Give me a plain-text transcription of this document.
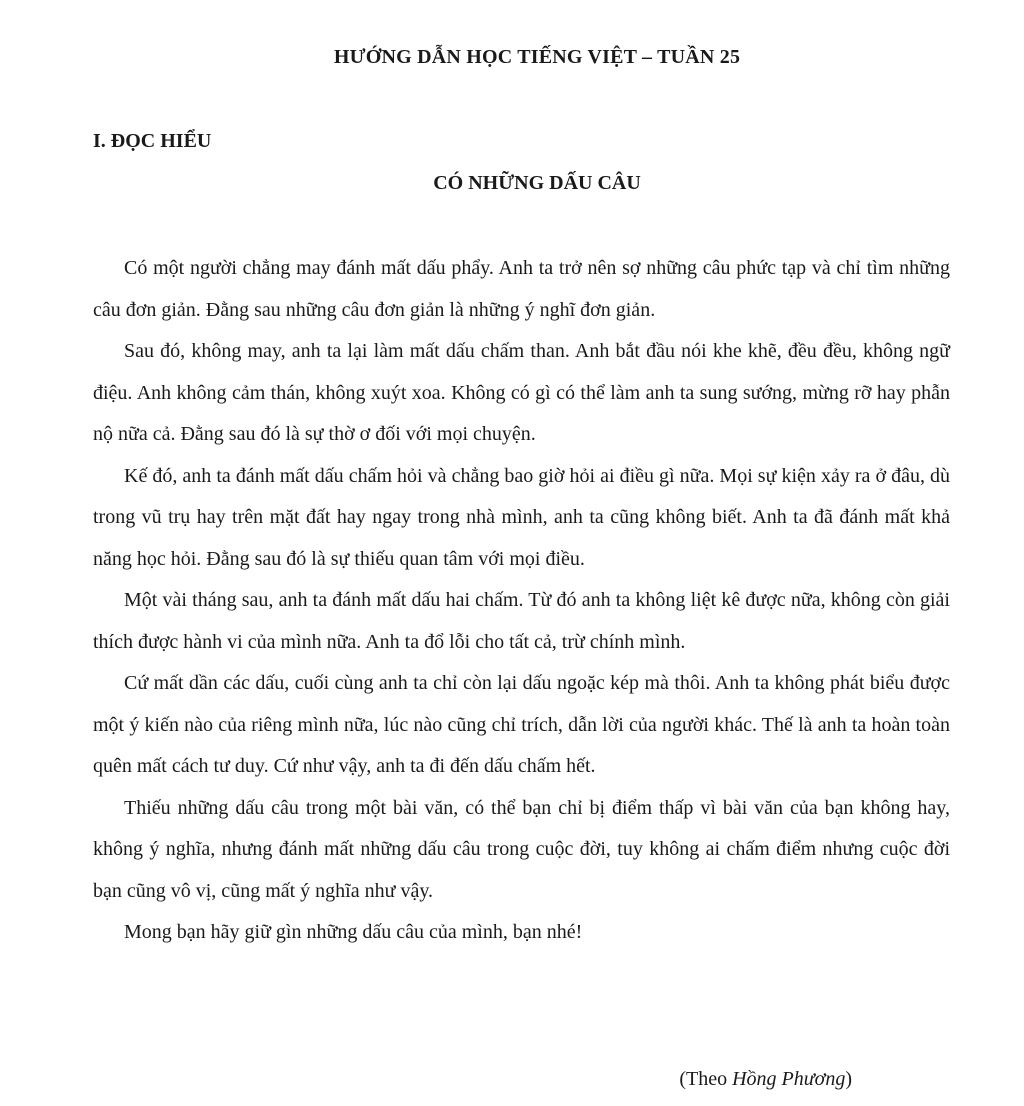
HƯỚNG DẪN HỌC TIẾNG VIỆT – TUẦN 25
I. ĐỌC HIỂU
CÓ NHỮNG DẤU CÂU

Có một người chẳng may đánh mất dấu phẩy. Anh ta trở nên sợ những câu phức tạp và chỉ tìm những câu đơn giản. Đằng sau những câu đơn giản là những ý nghĩ đơn giản.

Sau đó, không may, anh ta lại làm mất dấu chấm than. Anh bắt đầu nói khe khẽ, đều đều, không ngữ điệu. Anh không cảm thán, không xuýt xoa. Không có gì có thể làm anh ta sung sướng, mừng rỡ hay phẫn nộ nữa cả. Đằng sau đó là sự thờ ơ đối với mọi chuyện.

Kế đó, anh ta đánh mất dấu chấm hỏi và chẳng bao giờ hỏi ai điều gì nữa. Mọi sự kiện xảy ra ở đâu, dù trong vũ trụ hay trên mặt đất hay ngay trong nhà mình, anh ta cũng không biết. Anh ta đã đánh mất khả năng học hỏi. Đằng sau đó là sự thiếu quan tâm với mọi điều.

Một vài tháng sau, anh ta đánh mất dấu hai chấm. Từ đó anh ta không liệt kê được nữa, không còn giải thích được hành vi của mình nữa. Anh ta đổ lỗi cho tất cả, trừ chính mình.

Cứ mất dần các dấu, cuối cùng anh ta chỉ còn lại dấu ngoặc kép mà thôi. Anh ta không phát biểu được một ý kiến nào của riêng mình nữa, lúc nào cũng chỉ trích, dẫn lời của người khác. Thế là anh ta hoàn toàn quên mất cách tư duy. Cứ như vậy, anh ta đi đến dấu chấm hết.

Thiếu những dấu câu trong một bài văn, có thể bạn chỉ bị điểm thấp vì bài văn của bạn không hay, không ý nghĩa, nhưng đánh mất những dấu câu trong cuộc đời, tuy không ai chấm điểm nhưng cuộc đời bạn cũng vô vị, cũng mất ý nghĩa như vậy.

Mong bạn hãy giữ gìn những dấu câu của mình, bạn nhé!

(Theo Hồng Phương)
